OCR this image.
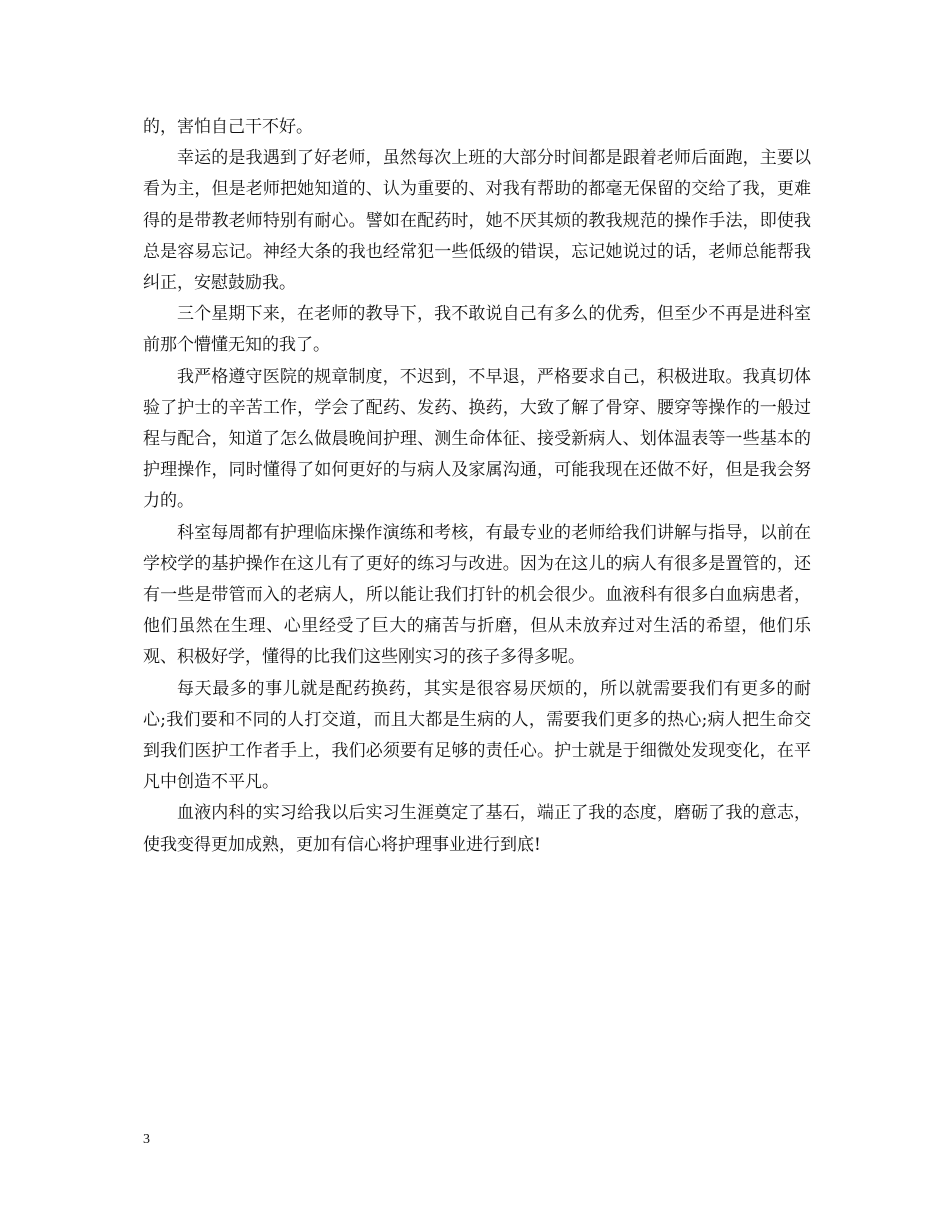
的，害怕自己干不好。

幸运的是我遇到了好老师，虽然每次上班的大部分时间都是跟着老师后面跑，主要以看为主，但是老师把她知道的、认为重要的、对我有帮助的都毫无保留的交给了我，更难得的是带教老师特别有耐心。譬如在配药时，她不厌其烦的教我规范的操作手法，即使我总是容易忘记。神经大条的我也经常犯一些低级的错误，忘记她说过的话，老师总能帮我纠正，安慰鼓励我。

三个星期下来，在老师的教导下，我不敢说自己有多么的优秀，但至少不再是进科室前那个懵懂无知的我了。

我严格遵守医院的规章制度，不迟到，不早退，严格要求自己，积极进取。我真切体验了护士的辛苦工作，学会了配药、发药、换药，大致了解了骨穿、腰穿等操作的一般过程与配合，知道了怎么做晨晚间护理、测生命体征、接受新病人、划体温表等一些基本的护理操作，同时懂得了如何更好的与病人及家属沟通，可能我现在还做不好，但是我会努力的。

科室每周都有护理临床操作演练和考核，有最专业的老师给我们讲解与指导，以前在学校学的基护操作在这儿有了更好的练习与改进。因为在这儿的病人有很多是置管的，还有一些是带管而入的老病人，所以能让我们打针的机会很少。血液科有很多白血病患者，他们虽然在生理、心里经受了巨大的痛苦与折磨，但从未放弃过对生活的希望，他们乐观、积极好学，懂得的比我们这些刚实习的孩子多得多呢。

每天最多的事儿就是配药换药，其实是很容易厌烦的，所以就需要我们有更多的耐心;我们要和不同的人打交道，而且大都是生病的人，需要我们更多的热心;病人把生命交到我们医护工作者手上，我们必须要有足够的责任心。护士就是于细微处发现变化，在平凡中创造不平凡。

血液内科的实习给我以后实习生涯奠定了基石，端正了我的态度，磨砺了我的意志，使我变得更加成熟，更加有信心将护理事业进行到底!

3
